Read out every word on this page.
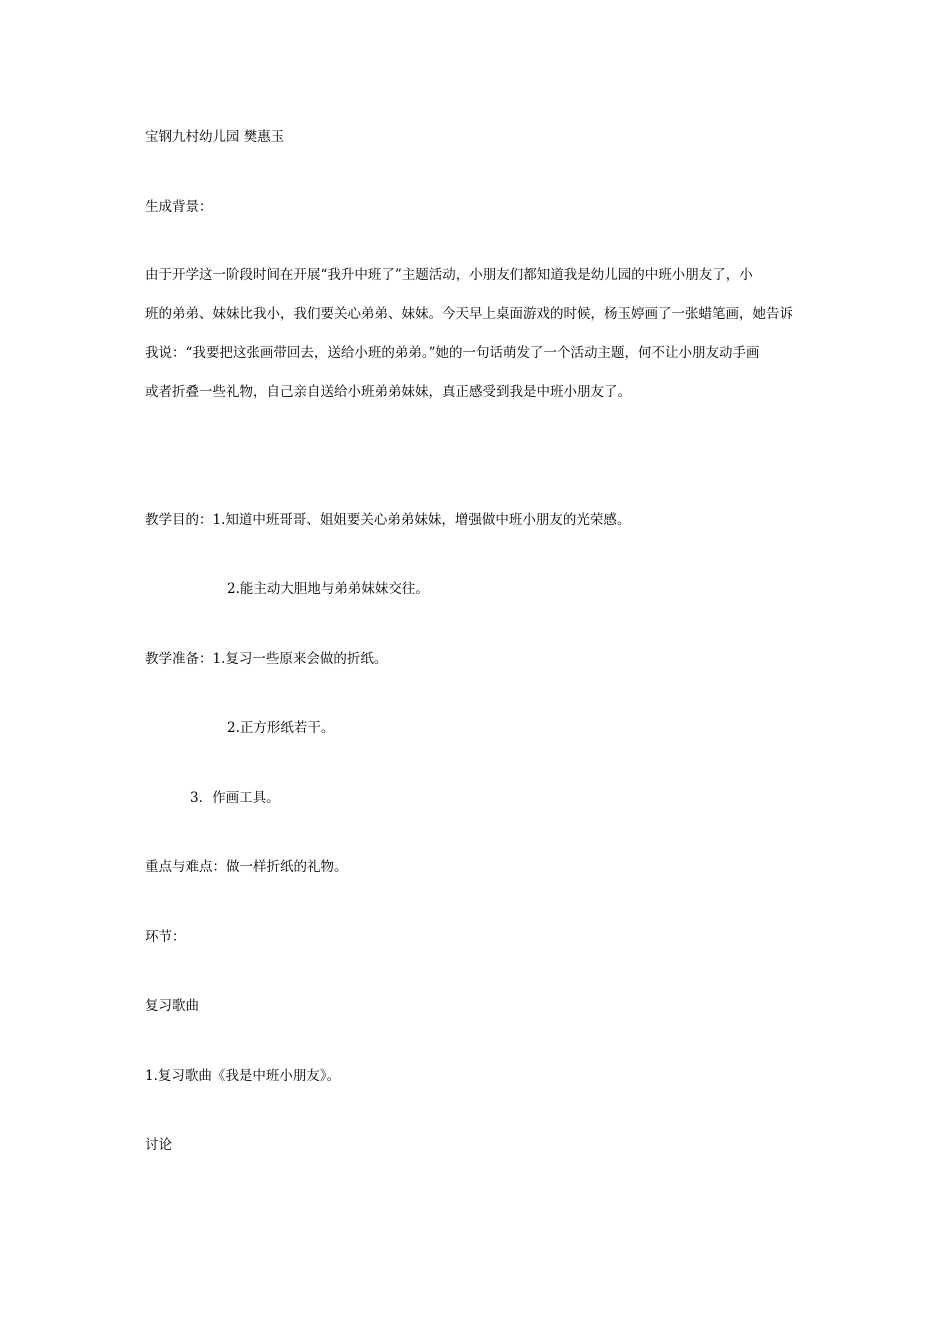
宝钢九村幼儿园 樊惠玉
生成背景：
由于开学这一阶段时间在开展“我升中班了”主题活动，小朋友们都知道我是幼儿园的中班小朋友了，小
班的弟弟、妹妹比我小，我们要关心弟弟、妹妹。今天早上桌面游戏的时候，杨玉婷画了一张蜡笔画，她告诉
我说：“我要把这张画带回去，送给小班的弟弟。”她的一句话萌发了一个活动主题，何不让小朋友动手画
或者折叠一些礼物，自己亲自送给小班弟弟妹妹，真正感受到我是中班小朋友了。
教学目的：1.知道中班哥哥、姐姐要关心弟弟妹妹，增强做中班小朋友的光荣感。
2.能主动大胆地与弟弟妹妹交往。
教学准备：1.复习一些原来会做的折纸。
2.正方形纸若干。
3．作画工具。
重点与难点：做一样折纸的礼物。
环节：
复习歌曲
1.复习歌曲《我是中班小朋友》。
讨论
